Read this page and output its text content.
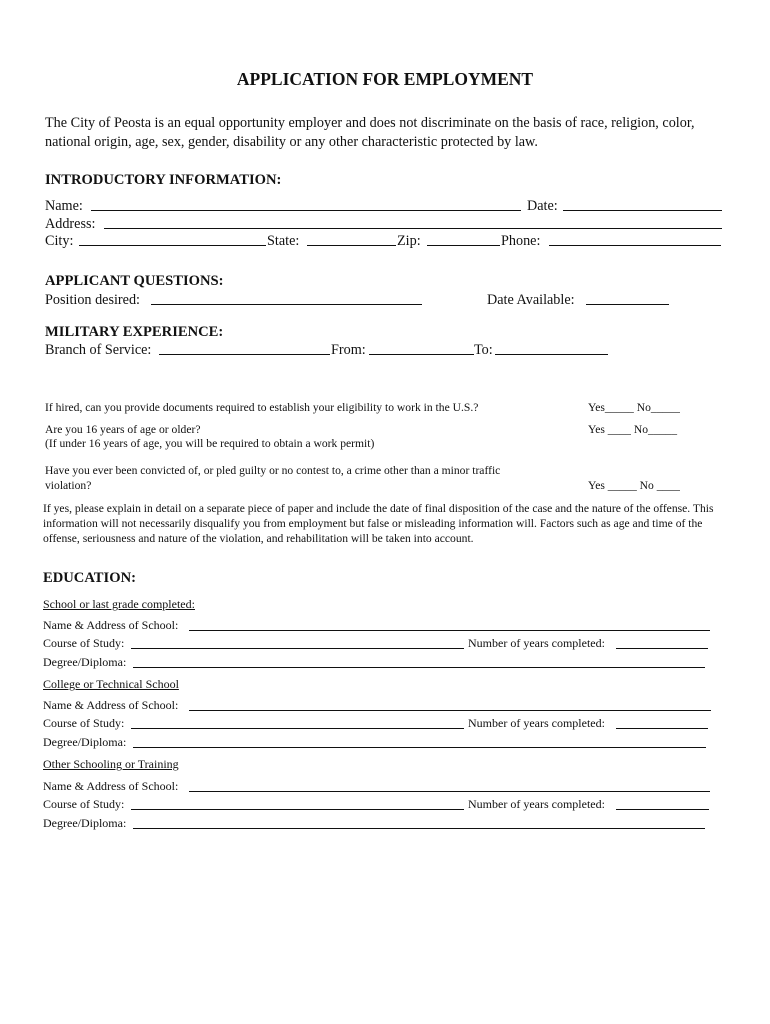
APPLICATION FOR EMPLOYMENT
The City of Peosta is an equal opportunity employer and does not discriminate on the basis of race, religion, color, national origin, age, sex, gender, disability or any other characteristic protected by law.
INTRODUCTORY INFORMATION:
Name:	Date:
Address:
City:	State:	Zip:	Phone:
APPLICANT QUESTIONS:
Position desired:	Date Available:
MILITARY EXPERIENCE:
Branch of Service:	From:	To:
If hired, can you provide documents required to establish your eligibility to work in the U.S.?	Yes_____ No_____
Are you 16 years of age or older?
(If under 16 years of age, you will be required to obtain a work permit)
Yes ____ No_____
Have you ever been convicted of, or pled guilty or no contest to, a crime other than a minor traffic
violation?	Yes _____ No ____
If yes, please explain in detail on a separate piece of paper and include the date of final disposition of the case and the nature of the offense. This information will not necessarily disqualify you from employment but false or misleading information will. Factors such as age and time of the offense, seriousness and nature of the violation, and rehabilitation will be taken into account.
EDUCATION:
School or last grade completed:
Name & Address of School:
Course of Study:	Number of years completed:
Degree/Diploma:
College or Technical School
Name & Address of School:
Course of Study:	Number of years completed:
Degree/Diploma:
Other Schooling or Training
Name & Address of School:
Course of Study:	Number of years completed:
Degree/Diploma:
